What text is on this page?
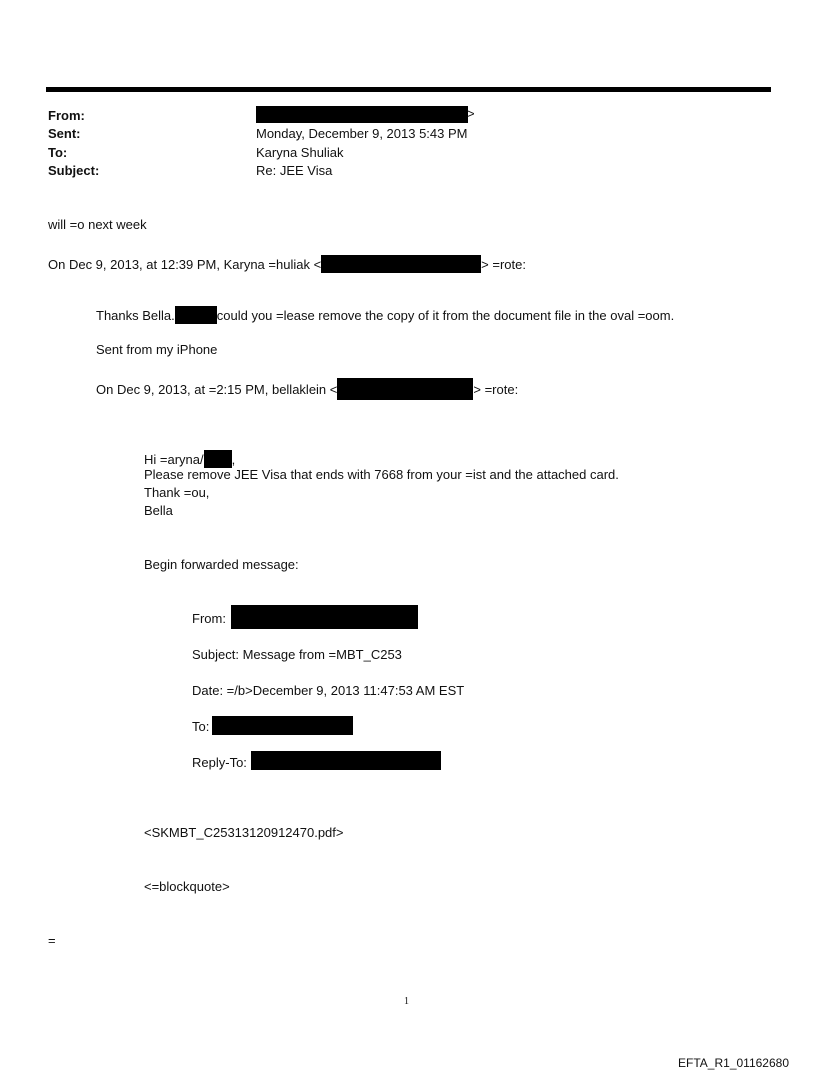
From:	>
Sent:	Monday, December 9, 2013 5:43 PM
To:	Karyna Shuliak
Subject:	Re: JEE Visa
will =o next week
On Dec 9, 2013, at 12:39 PM, Karyna =huliak <	> =rote:
Thanks Bella.	could you =lease remove the copy of it from the document file in the oval =oom.
Sent from my iPhone
On Dec 9, 2013, at =2:15 PM, bellaklein <	> =rote:
Hi =aryna/ ,
Please remove JEE Visa that ends with 7668 from your =ist and the attached card.
Thank =ou,
Bella
Begin forwarded message:
From:
Subject: Message from =MBT_C253
Date: =/b>December 9, 2013 11:47:53 AM EST
To:
Reply-To:
<SKMBT_C25313120912470.pdf>
<=blockquote>
=
1
EFTA_R1_01162680
